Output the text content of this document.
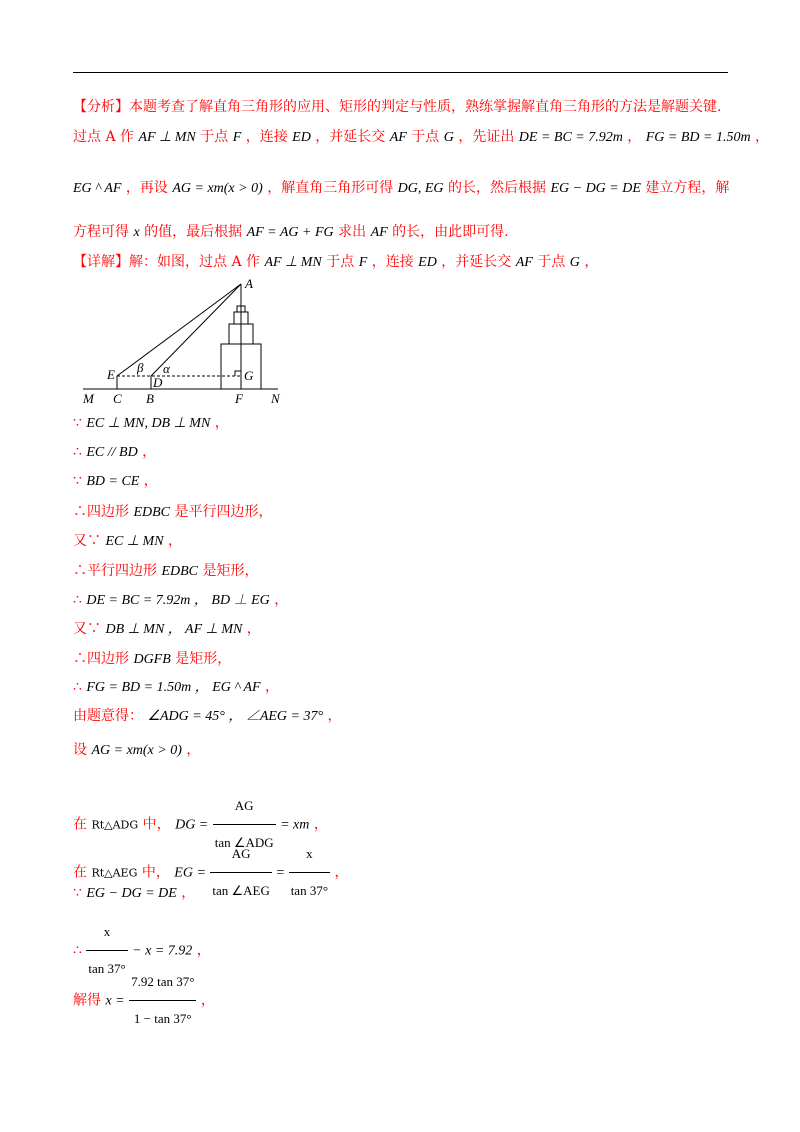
【分析】本题考查了解直角三角形的应用、矩形的判定与性质，熟练掌握解直角三角形的方法是解题关键.
过点 A 作 AF ⊥ MN 于点 F ，连接 ED ，并延长交 AF 于点 G ，先证出 DE = BC = 7.92m ， FG = BD = 1.50m ，
EG ^ AF ，再设 AG = xm(x > 0) ，解直角三角形可得 DG, EG 的长，然后根据 EG − DG = DE 建立方程，解
方程可得 x 的值，最后根据 AF = AG + FG 求出 AF 的长，由此即可得.
【详解】解：如图，过点 A 作 AF ⊥ MN 于点 F ，连接 ED ，并延长交 AF 于点 G ，
A
E
C B
D
F
G
M	N
β α
∵ EC ⊥ MN, DB ⊥ MN ，
∴ EC // BD ，
∵ BD = CE ，
∴四边形 EDBC 是平行四边形，
又∵ EC ⊥ MN ，
∴平行四边形 EDBC 是矩形，
∴ DE = BC = 7.92m ， BD ⊥ EG ，
又∵ DB ⊥ MN ， AF ⊥ MN ，
∴四边形 DGFB 是矩形，
∴ FG = BD = 1.50m ， EG ^ AF ，
由题意得： ∠ADG = 45° ， ∠AEG = 37° ，
设 AG = xm(x > 0) ，
在 Rt△ADG 中， DG = $\frac{AG}{\text{tan ∠ADG}}$ = xm ，
在 Rt△AEG 中， EG = $\frac{AG}{\text{tan ∠AEG}} = \frac{x}{\tan 37^\circ}$ ，
∵ EG − DG = DE ，
∴ $\frac{x}{\tan 37^\circ} - x = 7.92$ ，
解得 $x = \frac{7.92 \tan 37^\circ}{1 - \tan 37^\circ}$ ，
